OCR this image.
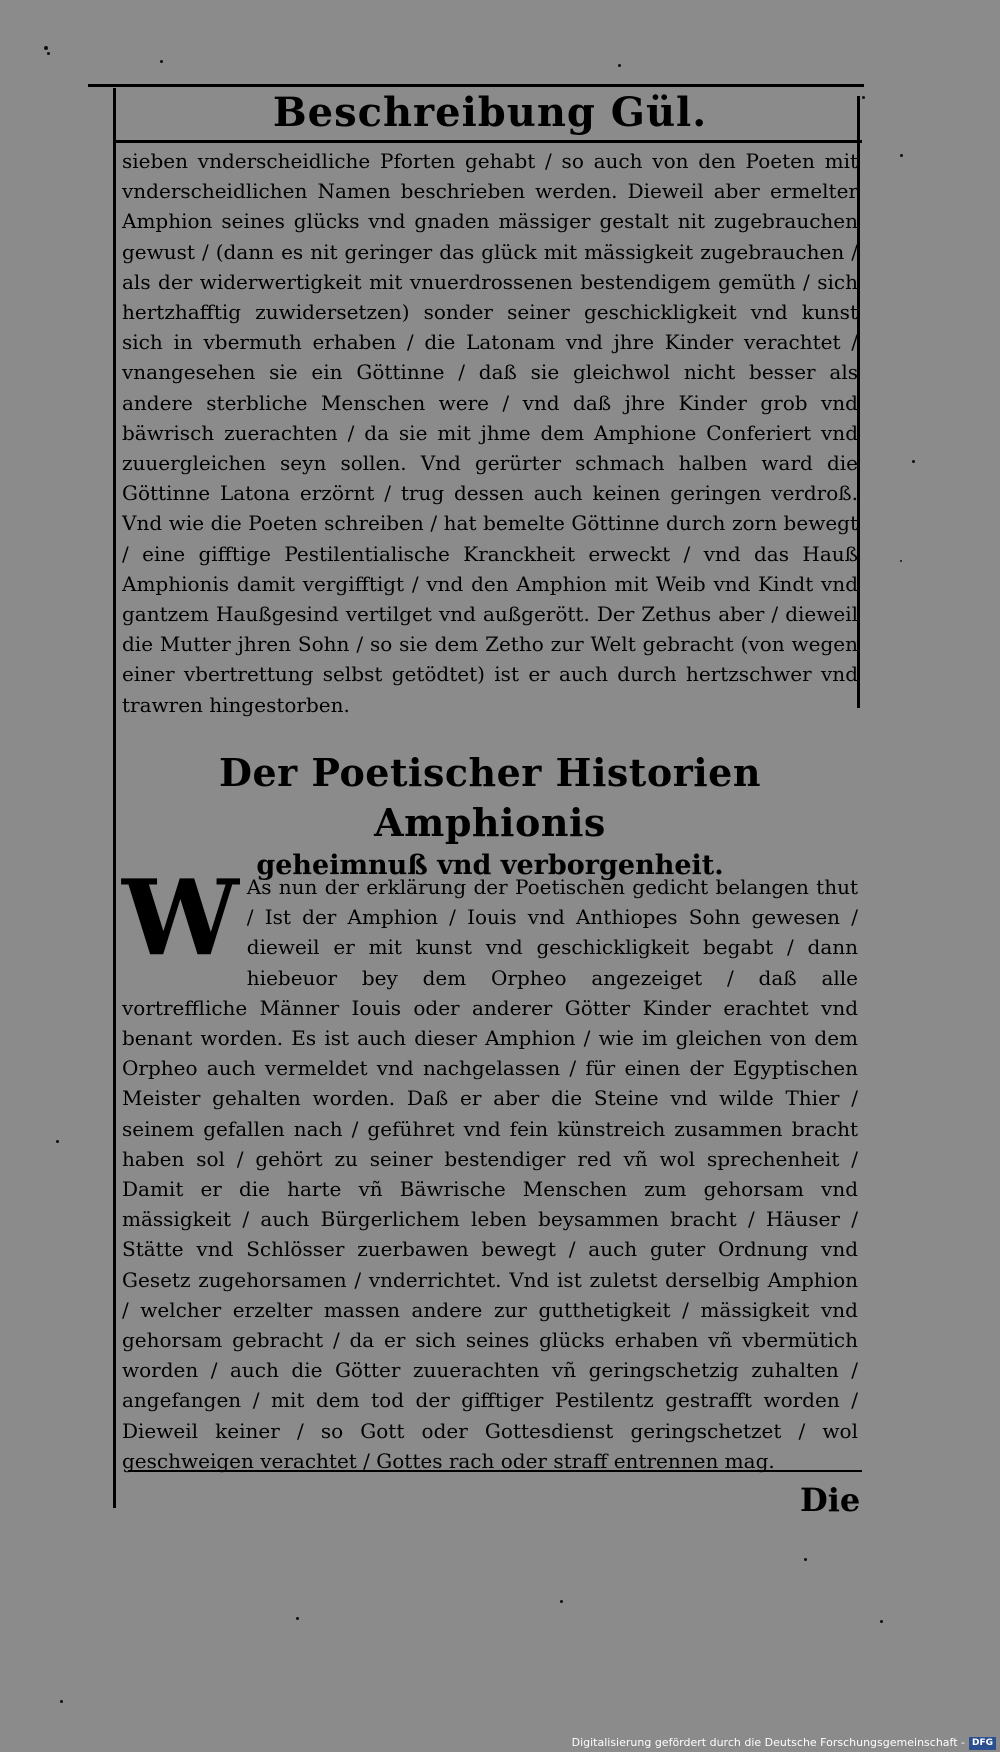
Beschreibung Gül.
sieben vnderscheidliche Pforten gehabt / so auch von den Poeten mit vnderscheidlichen Namen beschrieben werden. Dieweil aber ermelter Amphion seines glücks vnd gnaden mässiger gestalt nit zugebrauchen gewust / (dann es nit geringer das glück mit mässigkeit zugebrauchen / als der widerwertigkeit mit vnuerdrossenen bestendigem gemüth / sich hertzhafftig zuwidersetzen) sonder seiner geschickligkeit vnd kunst sich in vbermuth erhaben / die Latonam vnd jhre Kinder verachtet / vnangesehen sie ein Göttinne / daß sie gleichwol nicht besser als andere sterbliche Menschen were / vnd daß jhre Kinder grob vnd bäwrisch zuerachten / da sie mit jhme dem Amphione Conferiert vnd zuuergleichen seyn sollen. Vnd gerürter schmach halben ward die Göttinne Latona erzörnt / trug dessen auch keinen geringen verdroß. Vnd wie die Poeten schreiben / hat bemelte Göttinne durch zorn bewegt / eine gifftige Pestilentialische Kranckheit erweckt / vnd das Hauß Amphionis damit vergifftigt / vnd den Amphion mit Weib vnd Kindt vnd gantzem Haußgesind vertilget vnd außgerött. Der Zethus aber / dieweil die Mutter jhren Sohn / so sie dem Zetho zur Welt gebracht (von wegen einer vbertrettung selbst getödtet) ist er auch durch hertzschwer vnd trawren hingestorben.
Der Poetischer Historien Amphionis
geheimnuß vnd verborgenheit.
W As nun der erklärung der Poetischen gedicht belangen thut / Ist der Amphion / Iouis vnd Anthiopes Sohn gewesen / dieweil er mit kunst vnd geschickligkeit begabt / dann hiebeuor bey dem Orpheo angezeiget / daß alle vortreffliche Männer Iouis oder anderer Götter Kinder erachtet vnd benant worden. Es ist auch dieser Amphion / wie im gleichen von dem Orpheo auch vermeldet vnd nachgelassen / für einen der Egyptischen Meister gehalten worden. Daß er aber die Steine vnd wilde Thier / seinem gefallen nach / geführet vnd fein künstreich zusammen bracht haben sol / gehört zu seiner bestendiger red vñ wol sprechenheit / Damit er die harte vñ Bäwrische Menschen zum gehorsam vnd mässigkeit / auch Bürgerlichem leben beysammen bracht / Häuser / Stätte vnd Schlösser zuerbawen bewegt / auch guter Ordnung vnd Gesetz zugehorsamen / vnderrichtet. Vnd ist zuletst derselbig Amphion / welcher erzelter massen andere zur gutthetigkeit / mässigkeit vnd gehorsam gebracht / da er sich seines glücks erhaben vñ vbermütich worden / auch die Götter zuuerachten vñ geringschetzig zuhalten / angefangen / mit dem tod der gifftiger Pestilentz gestrafft worden / Dieweil keiner / so Gott oder Gottesdienst geringschetzet / wol geschweigen verachtet / Gottes rach oder straff entrennen mag.
Die
Digitalisierung gefördert durch die Deutsche Forschungsgemeinschaft - DFG
